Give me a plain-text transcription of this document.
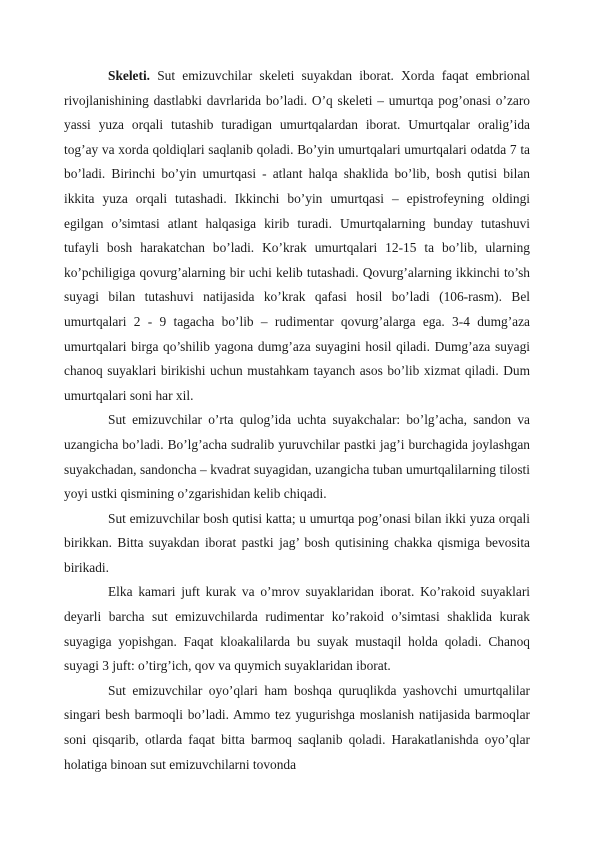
Skeleti. Sut emizuvchilar skeleti suyakdan iborat. Xorda faqat embrional rivojlanishining dastlabki davrlarida bo’ladi. O’q skeleti – umurtqa pog’onasi o’zaro yassi yuza orqali tutashib turadigan umurtqalardan iborat. Umurtqalar oralig’ida tog’ay va xorda qoldiqlari saqlanib qoladi. Bo’yin umurtqalari umurtqalari odatda 7 ta bo’ladi. Birinchi bo’yin umurtqasi - atlant halqa shaklida bo’lib, bosh qutisi bilan ikkita yuza orqali tutashadi. Ikkinchi bo’yin umurtqasi – epistrofeyning oldingi egilgan o’simtasi atlant halqasiga kirib turadi. Umurtqalarning bunday tutashuvi tufayli bosh harakatchan bo’ladi. Ko’krak umurtqalari 12-15 ta bo’lib, ularning ko’pchiligiga qovurg’alarning bir uchi kelib tutashadi. Qovurg’alarning ikkinchi to’sh suyagi bilan tutashuvi natijasida ko’krak qafasi hosil bo’ladi (106-rasm). Bel umurtqalari 2 - 9 tagacha bo’lib – rudimentar qovurg’alarga ega. 3-4 dumg’aza umurtqalari birga qo’shilib yagona dumg’aza suyagini hosil qiladi. Dumg’aza suyagi chanoq suyaklari birikishi uchun mustahkam tayanch asos bo’lib xizmat qiladi. Dum umurtqalari soni har xil.

Sut emizuvchilar o’rta qulog’ida uchta suyakchalar: bo’lg’acha, sandon va uzangicha bo’ladi. Bo’lg’acha sudralib yuruvchilar pastki jag’i burchagida joylashgan suyakchadan, sandoncha – kvadrat suyagidan, uzangicha tuban umurtqalilarning tilosti yoyi ustki qismining o’zgarishidan kelib chiqadi.

Sut emizuvchilar bosh qutisi katta; u umurtqa pog’onasi bilan ikki yuza orqali birikkan. Bitta suyakdan iborat pastki jag’ bosh qutisining chakka qismiga bevosita birikadi.

Elka kamari juft kurak va o’mrov suyaklaridan iborat. Ko’rakoid suyaklari deyarli barcha sut emizuvchilarda rudimentar ko’rakoid o’simtasi shaklida kurak suyagiga yopishgan. Faqat kloakalilarda bu suyak mustaqil holda qoladi. Chanoq suyagi 3 juft: o’tirg’ich, qov va quymich suyaklaridan iborat.

Sut emizuvchilar oyo’qlari ham boshqa quruqlikda yashovchi umurtqalilar singari besh barmoqli bo’ladi. Ammo tez yugurishga moslanish natijasida barmoqlar soni qisqarib, otlarda faqat bitta barmoq saqlanib qoladi. Harakatlanishda oyo’qlar holatiga binoan sut emizuvchilarni tovonda
